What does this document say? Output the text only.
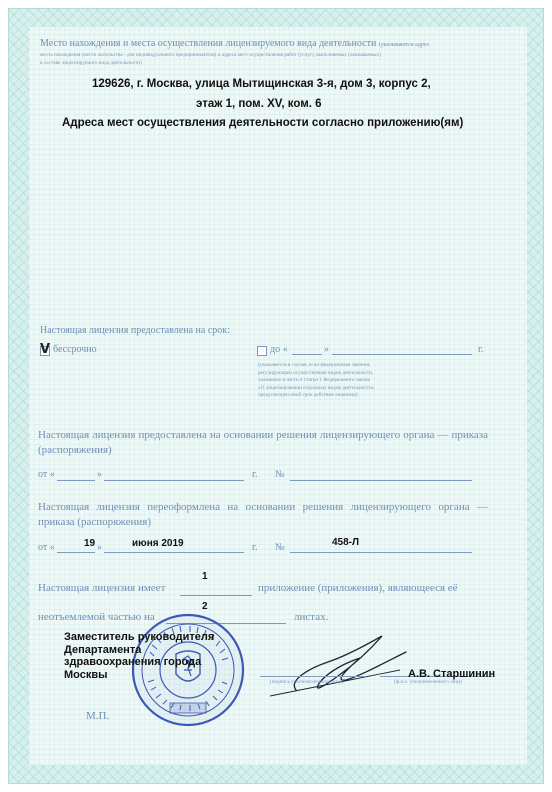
Место нахождения и места осуществления лицензируемого вида деятельности (указываются адрес
места нахождения (место жительства - для индивидуального предпринимателя) и адреса мест осуществления работ (услуг), выполняемых (оказываемых)
в составе лицензируемого вида деятельности)
129626, г. Москва, улица Мытищинская 3-я, дом 3, корпус 2,
этаж 1, пом. XV, ком. 6
Адреса мест осуществления деятельности согласно приложению(ям)
Настоящая лицензия предоставлена на срок:
V бессрочно	до «	»	г.
(указывается в случае, если федеральным законом,
регулирующим осуществление видов деятельности,
указанных в части 4 статьи 1 Федерального закона
«О лицензировании отдельных видов деятельности»
предусмотрен иной срок действия лицензии)
Настоящая лицензия предоставлена на основании решения лицензирующего органа — приказа (распоряжения)
от «	»	г. №
Настоящая лицензия переоформлена на основании решения лицензирующего органа — приказа (распоряжения)
от «	19 »	июня 2019	г. №	458-Л
1
Настоящая лицензия имеет	приложение (приложения), являющееся её
2
неотъемлемой частью на	листах.
Заместитель руководителя
Департамента
здравоохранения города
Москвы
(подпись уполномоченного лица)	(ф.и.о. уполномоченного лица)
А.В. Старшинин
М.П.
